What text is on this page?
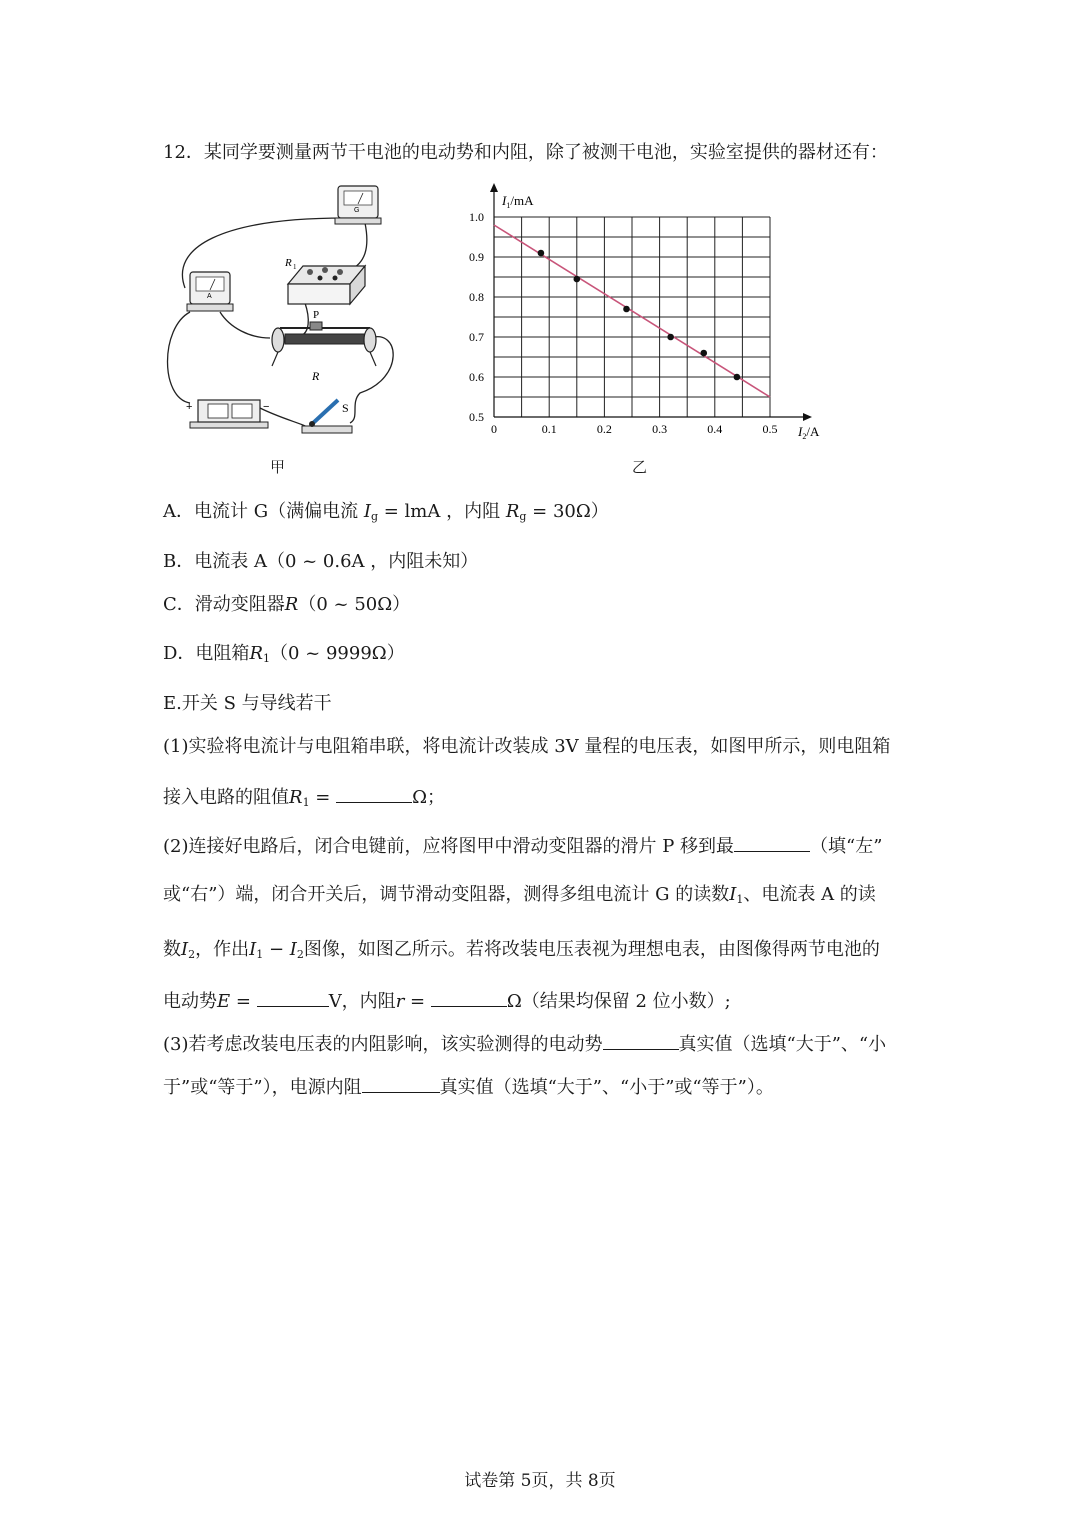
12．某同学要测量两节干电池的电动势和内阻，除了被测干电池，实验室提供的器材还有：
G
A
R 1
P
R
+	−	S
甲
0	0.1	0.2	0.3	0.4	0.5
0.5
0.6
0.7
0.8
0.9
1.0
$I_1/mA$
$I_2/A$
乙
A．电流计 G（满偏电流 $I_g$ = lmA ，内阻 $R_g = 30\Omega$）
B．电流表 A（0 ~ 0.6A ，内阻未知）
C．滑动变阻器R（0 ~ 50Ω）
D．电阻箱$R_1(0$ ~ 9999Ω）
E.开关 S 与导线若干
(1)实验将电流计与电阻箱串联，将电流计改装成 3V 量程的电压表，如图甲所示，则电阻箱
接入电路的阻值$R_1$ =	Ω；
(2)连接好电路后，闭合电键前，应将图甲中滑动变阻器的滑片 P 移到最	（填“左”
或“右”）端，闭合开关后，调节滑动变阻器，测得多组电流计 G 的读数$I_1$、电流表 A 的读
数$I_2$，作出$I_1 - I_2$图像，如图乙所示。若将改装电压表视为理想电表，由图像得两节电池的
电动势E =	V，内阻r =	Ω（结果均保留 2 位小数）;
(3)若考虑改装电压表的内阻影响，该实验测得的电动势	真实值（选填“大于”、“小
于”或“等于”），电源内阻	真实值（选填“大于”、“小于”或“等于”）。
试卷第 5页，共 8页
